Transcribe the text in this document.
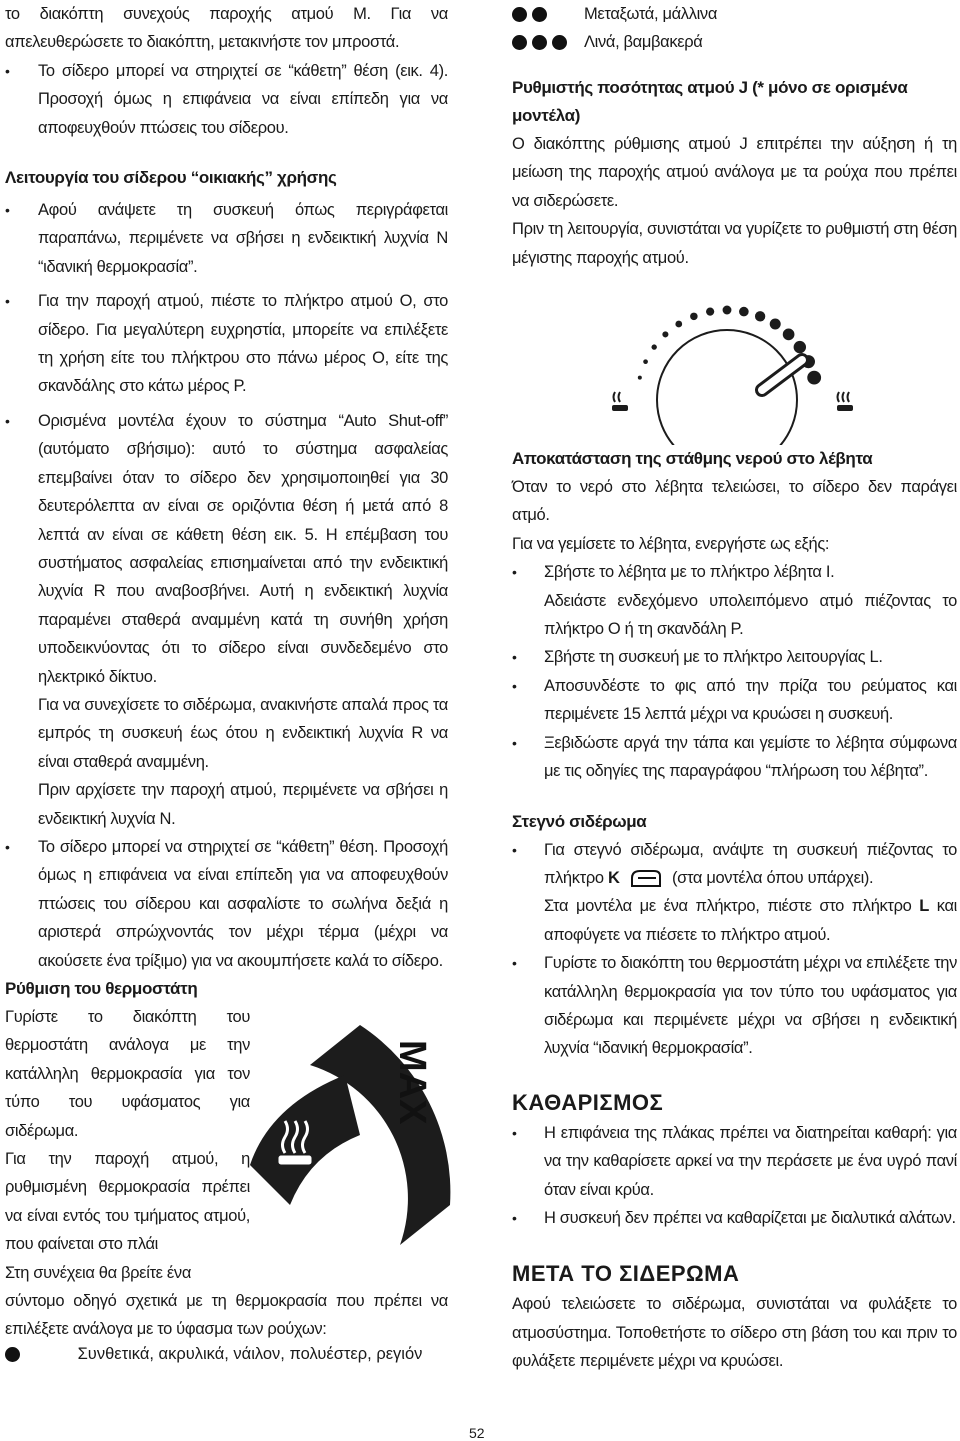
το διακόπτη συνεχούς παροχής ατμού M. Για να απελευθερώσετε το διακόπτη, μετακινήστε τον μπροστά.

• Το σίδερο μπορεί να στηριχτεί σε “κάθετη” θέση (εικ. 4). Προσοχή όμως η επιφάνεια να είναι επίπεδη για να αποφευχθούν πτώσεις του σίδερου.
Λειτουργία του σίδερου “οικιακής” χρήσης
• Αφού ανάψετε τη συσκευή όπως περιγράφεται παραπάνω, περιμένετε να σβήσει η ενδεικτική λυχνία N “ιδανική θερμοκρασία”.
• Για την παροχή ατμού, πιέστε το πλήκτρο ατμού O, στο σίδερο. Για μεγαλύτερη ευχρηστία, μπορείτε να επιλέξετε τη χρήση είτε του πλήκτρου στο πάνω μέρος O, είτε της σκανδάλης στο κάτω μέρος P.
• Ορισμένα μοντέλα έχουν το σύστημα “Auto Shut-off” (αυτόματο σβήσιμο): αυτό το σύστημα ασφαλείας επεμβαίνει όταν το σίδερο δεν χρησιμοποιηθεί για 30 δευτερόλεπτα αν είναι σε οριζόντια θέση ή μετά από 8 λεπτά αν είναι σε κάθετη θέση εικ. 5. Η επέμβαση του συστήματος ασφαλείας επισημαίνεται από την ενδεικτική λυχνία R που αναβοσβήνει. Αυτή η ενδεικτική λυχνία παραμένει σταθερά αναμμένη κατά τη συνήθη χρήση υποδεικνύοντας ότι το σίδερο είναι συνδεδεμένο στο ηλεκτρικό δίκτυο.
Για να συνεχίσετε το σιδέρωμα, ανακινήστε απαλά προς τα εμπρός τη συσκευή έως ότου η ενδεικτική λυχνία R να είναι σταθερά αναμμένη.
Πριν αρχίσετε την παροχή ατμού, περιμένετε να σβήσει η ενδεικτική λυχνία N.
• Το σίδερο μπορεί να στηριχτεί σε “κάθετη” θέση. Προσοχή όμως η επιφάνεια να είναι επίπεδη για να αποφευχθούν πτώσεις του σίδερου και ασφαλίστε το σωλήνα δεξιά η αριστερά σπρώχνοντάς τον μέχρι τέρμα (μέχρι να ακούσετε ένα τρίξιμο) για να ακουμπήσετε καλά το σίδερο.
Ρύθμιση του θερμοστάτη

Γυρίστε το διακόπτη του θερμοστάτη ανάλογα με την κατάλληλη θερμοκρασία για τον τύπο του υφάσματος για σιδέρωμα.

Για την παροχή ατμού, η ρυθμισμένη θερμοκρασία πρέπει να είναι εντός του τμήματος ατμού, που φαίνεται στο πλάι

Στη συνέχεια θα βρείτε ένα

σύντομο οδηγό σχετικά με τη θερμοκρασία που πρέπει να επιλέξετε ανάλογα με το ύφασμα των ρούχων:

MAX
Συνθετικά, ακρυλικά, νάιλον, πολυέστερ, ρεγιόν
Μεταξωτά, μάλλινα
Λινά, βαμβακερά
Ρυθμιστής ποσότητας ατμού J (* μόνο σε ορισμένα μοντέλα)

Ο διακόπτης ρύθμισης ατμού J επιτρέπει την αύξηση ή τη μείωση της παροχής ατμού ανάλογα με τα ρούχα που πρέπει να σιδερώσετε.

Πριν τη λειτουργία, συνιστάται να γυρίζετε το ρυθμιστή στη θέση μέγιστης παροχής ατμού.

Αποκατάσταση της στάθμης νερού στο λέβητα

Όταν το νερό στο λέβητα τελειώσει, το σίδερο δεν παράγει ατμό.

Για να γεμίσετε το λέβητα, ενεργήστε ως εξής:

• Σβήστε το λέβητα με το πλήκτρο λέβητα I.
Αδειάστε ενδεχόμενο υπολειπόμενο ατμό πιέζοντας το πλήκτρο O ή τη σκανδάλη P.
• Σβήστε τη συσκευή με το πλήκτρο λειτουργίας L.
• Αποσυνδέστε το φις από την πρίζα του ρεύματος και περιμένετε 15 λεπτά μέχρι να κρυώσει η συσκευή.
• Ξεβιδώστε αργά την τάπα και γεμίστε το λέβητα σύμφωνα με τις οδηγίες της παραγράφου “πλήρωση του λέβητα”.
Στεγνό σιδέρωμα
• Για στεγνό σιδέρωμα, ανάψτε τη συσκευή πιέζοντας το πλήκτρο K	(στα μοντέλα όπου υπάρχει).
Στα μοντέλα με ένα πλήκτρο, πιέστε στο πλήκτρο L και αποφύγετε να πιέσετε το πλήκτρο ατμού.
• Γυρίστε το διακόπτη του θερμοστάτη μέχρι να επιλέξετε την κατάλληλη θερμοκρασία για τον τύπο του υφάσματος για σιδέρωμα και περιμένετε μέχρι να σβήσει η ενδεικτική λυχνία “ιδανική θερμοκρασία”.
ΚΑΘΑΡΙΣΜΟΣ
• Η επιφάνεια της πλάκας πρέπει να διατηρείται καθαρή: για να την καθαρίσετε αρκεί να την περάσετε με ένα υγρό πανί όταν είναι κρύα.
• Η συσκευή δεν πρέπει να καθαρίζεται με διαλυτικά αλάτων.
ΜΕΤΑ ΤΟ ΣΙΔΕΡΩΜΑ

Αφού τελειώσετε το σιδέρωμα, συνιστάται να φυλάξετε το ατμοσύστημα. Τοποθετήστε το σίδερο στη βάση του και πριν το φυλάξετε περιμένετε μέχρι να κρυώσει.

52
